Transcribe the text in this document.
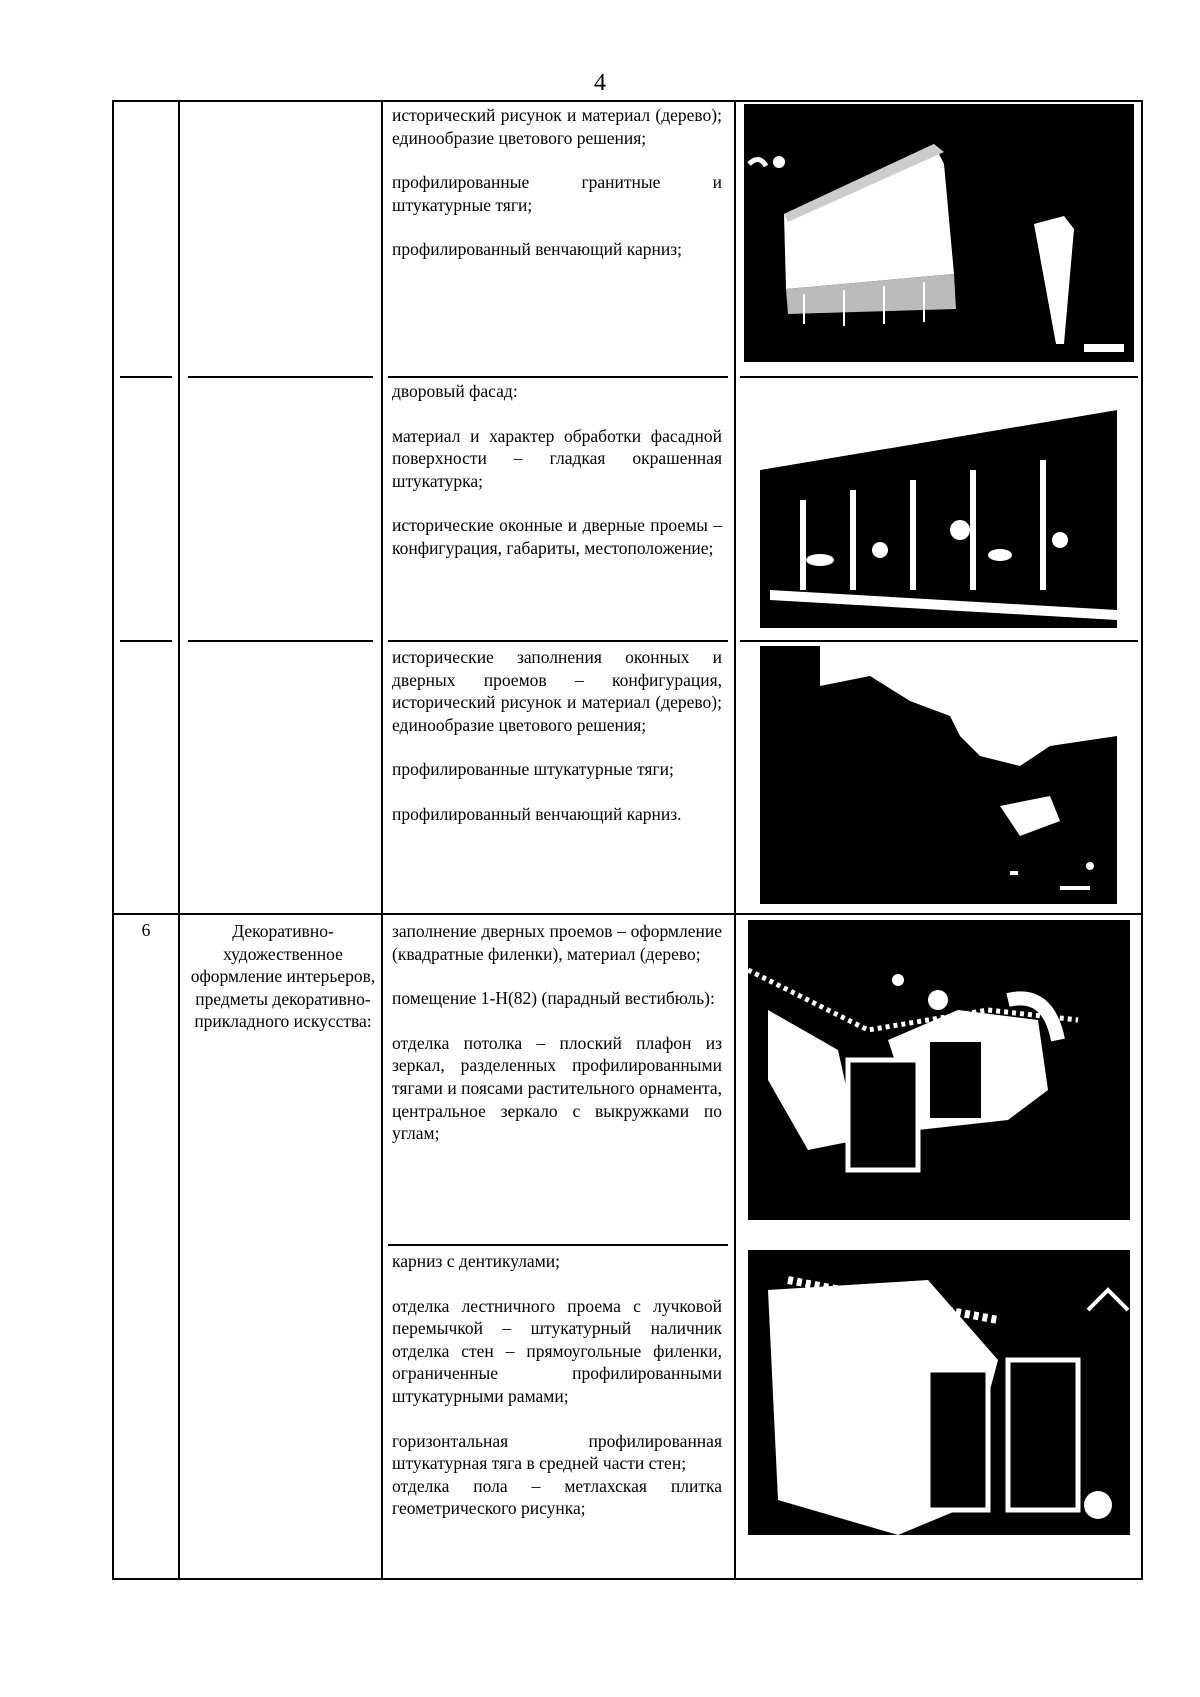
4

исторический рисунок и материал (дерево); единообразие цветового решения;

профилированные гранитные и штукатурные тяги;

профилированный венчающий карниз;

дворовый фасад:

материал и характер обработки фасадной поверхности – гладкая окрашенная штукатурка;

исторические оконные и дверные проемы – конфигурация, габариты, местоположение;

исторические заполнения оконных и дверных проемов – конфигурация, исторический рисунок и материал (дерево); единообразие цветового решения;

профилированные штукатурные тяги;

профилированный венчающий карниз.

6	Декоративно-художественное оформление интерьеров, предметы декоративно-прикладного искусства:

заполнение дверных проемов – оформление (квадратные филенки), материал (дерево;

помещение 1-Н(82) (парадный вестибюль):

отделка потолка – плоский плафон из зеркал, разделенных профилированными тягами и поясами растительного орнамента, центральное зеркало с выкружками по углам;

карниз с дентикулами;

отделка лестничного проема с лучковой перемычкой – штукатурный наличник отделка стен – прямоугольные филенки, ограниченные профилированными штукатурными рамами;

горизонтальная профилированная штукатурная тяга в средней части стен;

отделка пола – метлахская плитка геометрического рисунка;
